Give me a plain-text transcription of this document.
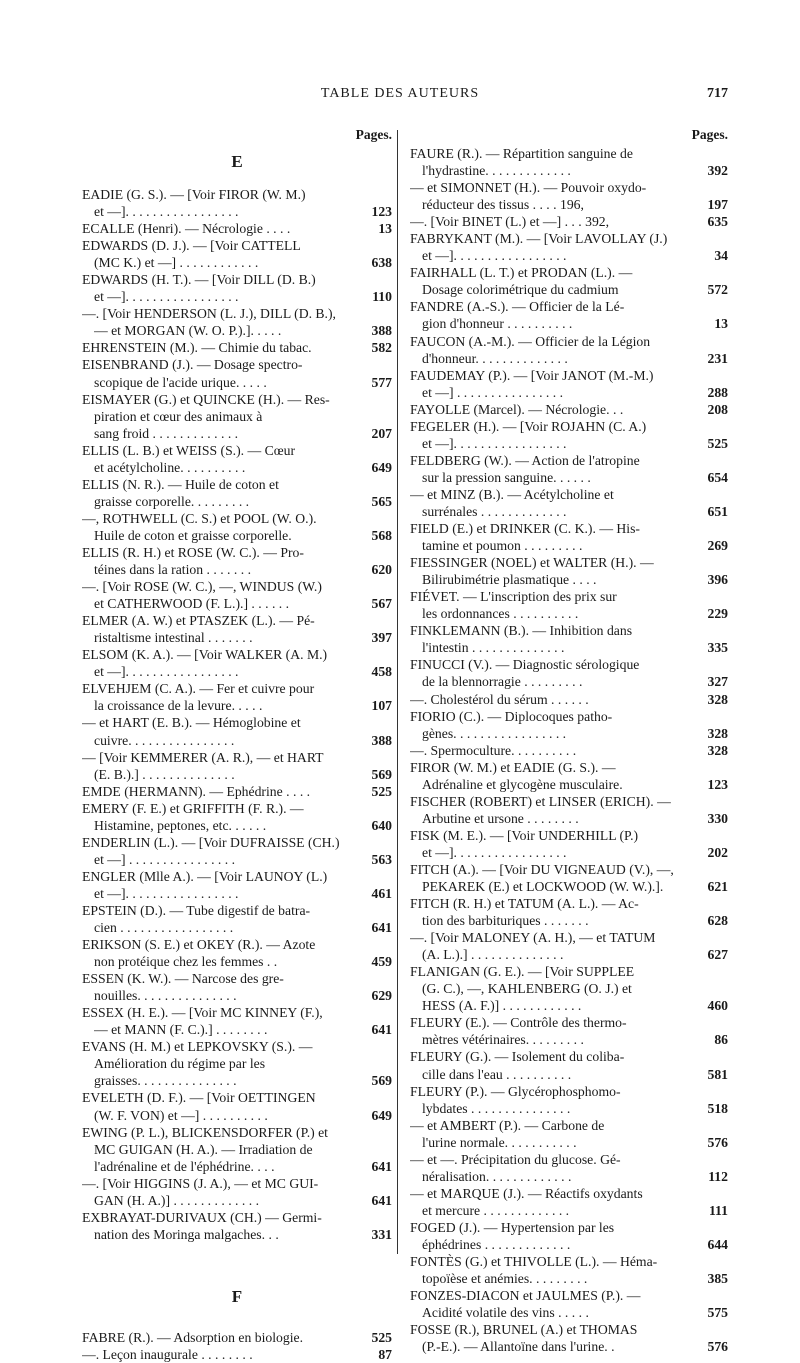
TABLE DES AUTEURS	717
Pages.
E
EADIE (G. S.). — [Voir FIROR (W. M.)
et —]. . . . . . . . . . . . . . . . .	123
ECALLE (Henri). — Nécrologie . . . .	13
EDWARDS (D. J.). — [Voir CATTELL
(MC K.) et —] . . . . . . . . . . . .	638
EDWARDS (H. T.). — [Voir DILL (D. B.)
et —]. . . . . . . . . . . . . . . . .	110
—. [Voir HENDERSON (L. J.), DILL (D. B.),
— et MORGAN (W. O. P.).]. . . . .	388
EHRENSTEIN (M.). — Chimie du tabac.	582
EISENBRAND (J.). — Dosage spectro-
scopique de l'acide urique. . . . .	577
EISMAYER (G.) et QUINCKE (H.). — Res-
piration et cœur des animaux à
sang froid . . . . . . . . . . . . .	207
ELLIS (L. B.) et WEISS (S.). — Cœur
et acétylcholine. . . . . . . . . .	649
ELLIS (N. R.). — Huile de coton et
graisse corporelle. . . . . . . . .	565
—, ROTHWELL (C. S.) et POOL (W. O.).
Huile de coton et graisse corporelle.	568
ELLIS (R. H.) et ROSE (W. C.). — Pro-
téines dans la ration . . . . . . .	620
—. [Voir ROSE (W. C.), —, WINDUS (W.)
et CATHERWOOD (F. L.).] . . . . . .	567
ELMER (A. W.) et PTASZEK (L.). — Pé-
ristaltisme intestinal . . . . . . .	397
ELSOM (K. A.). — [Voir WALKER (A. M.)
et —]. . . . . . . . . . . . . . . . .	458
ELVEHJEM (C. A.). — Fer et cuivre pour
la croissance de la levure. . . . .	107
— et HART (E. B.). — Hémoglobine et
cuivre. . . . . . . . . . . . . . . .	388
— [Voir KEMMERER (A. R.), — et HART
(E. B.).] . . . . . . . . . . . . . .	569
EMDE (HERMANN). — Ephédrine . . . .	525
EMERY (F. E.) et GRIFFITH (F. R.). —
Histamine, peptones, etc. . . . . .	640
ENDERLIN (L.). — [Voir DUFRAISSE (CH.)
et —] . . . . . . . . . . . . . . . .	563
ENGLER (Mlle A.). — [Voir LAUNOY (L.)
et —]. . . . . . . . . . . . . . . . .	461
EPSTEIN (D.). — Tube digestif de batra-
cien . . . . . . . . . . . . . . . . .	641
ERIKSON (S. E.) et OKEY (R.). — Azote
non protéique chez les femmes . .	459
ESSEN (K. W.). — Narcose des gre-
nouilles. . . . . . . . . . . . . . .	629
ESSEX (H. E.). — [Voir MC KINNEY (F.),
— et MANN (F. C.).] . . . . . . . .	641
EVANS (H. M.) et LEPKOVSKY (S.). —
Amélioration du régime par les
graisses. . . . . . . . . . . . . . .	569
EVELETH (D. F.). — [Voir OETTINGEN
(W. F. VON) et —] . . . . . . . . . .	649
EWING (P. L.), BLICKENSDORFER (P.) et
MC GUIGAN (H. A.). — Irradiation de
l'adrénaline et de l'éphédrine. . . .	641
—. [Voir HIGGINS (J. A.), — et MC GUI-
GAN (H. A.)] . . . . . . . . . . . . .	641
EXBRAYAT-DURIVAUX (CH.) — Germi-
nation des Moringa malgaches. . .	331
F
FABRE (R.). — Adsorption en biologie.	525
—. Leçon inaugurale . . . . . . . .	87
Pages.
FAURE (R.). — Répartition sanguine de
l'hydrastine. . . . . . . . . . . . .	392
— et SIMONNET (H.). — Pouvoir oxydo-
réducteur des tissus . . . . 196,	197
—. [Voir BINET (L.) et —] . . . 392,	635
FABRYKANT (M.). — [Voir LAVOLLAY (J.)
et —]. . . . . . . . . . . . . . . . .	34
FAIRHALL (L. T.) et PRODAN (L.). —
Dosage colorimétrique du cadmium	572
FANDRE (A.-S.). — Officier de la Lé-
gion d'honneur . . . . . . . . . .	13
FAUCON (A.-M.). — Officier de la Légion
d'honneur. . . . . . . . . . . . . .	231
FAUDEMAY (P.). — [Voir JANOT (M.-M.)
et —] . . . . . . . . . . . . . . . .	288
FAYOLLE (Marcel). — Nécrologie. . .	208
FEGELER (H.). — [Voir ROJAHN (C. A.)
et —]. . . . . . . . . . . . . . . . .	525
FELDBERG (W.). — Action de l'atropine
sur la pression sanguine. . . . . .	654
— et MINZ (B.). — Acétylcholine et
surrénales . . . . . . . . . . . . .	651
FIELD (E.) et DRINKER (C. K.). — His-
tamine et poumon . . . . . . . . .	269
FIESSINGER (NOEL) et WALTER (H.). —
Bilirubimétrie plasmatique . . . .	396
FIÉVET. — L'inscription des prix sur
les ordonnances . . . . . . . . . .	229
FINKLEMANN (B.). — Inhibition dans
l'intestin . . . . . . . . . . . . . .	335
FINUCCI (V.). — Diagnostic sérologique
de la blennorragie . . . . . . . . .	327
—. Cholestérol du sérum . . . . . .	328
FIORIO (C.). — Diplocoques patho-
gènes. . . . . . . . . . . . . . . . .	328
—. Spermoculture. . . . . . . . . .	328
FIROR (W. M.) et EADIE (G. S.). —
Adrénaline et glycogène musculaire.	123
FISCHER (ROBERT) et LINSER (ERICH). —
Arbutine et ursone . . . . . . . .	330
FISK (M. E.). — [Voir UNDERHILL (P.)
et —]. . . . . . . . . . . . . . . . .	202
FITCH (A.). — [Voir DU VIGNEAUD (V.), —,
PEKAREK (E.) et LOCKWOOD (W. W.).].	621
FITCH (R. H.) et TATUM (A. L.). — Ac-
tion des barbituriques . . . . . . .	628
—. [Voir MALONEY (A. H.), — et TATUM
(A. L.).] . . . . . . . . . . . . . .	627
FLANIGAN (G. E.). — [Voir SUPPLEE
(G. C.), —, KAHLENBERG (O. J.) et
HESS (A. F.)] . . . . . . . . . . . .	460
FLEURY (E.). — Contrôle des thermo-
mètres vétérinaires. . . . . . . . .	86
FLEURY (G.). — Isolement du coliba-
cille dans l'eau . . . . . . . . . .	581
FLEURY (P.). — Glycérophosphomo-
lybdates . . . . . . . . . . . . . . .	518
— et AMBERT (P.). — Carbone de
l'urine normale. . . . . . . . . . .	576
— et —. Précipitation du glucose. Gé-
néralisation. . . . . . . . . . . . .	112
— et MARQUE (J.). — Réactifs oxydants
et mercure . . . . . . . . . . . . .	111
FOGED (J.). — Hypertension par les
éphédrines . . . . . . . . . . . . .	644
FONTÈS (G.) et THIVOLLE (L.). — Héma-
topoïèse et anémies. . . . . . . . .	385
FONZES-DIACON et JAULMES (P.). —
Acidité volatile des vins . . . . .	575
FOSSE (R.), BRUNEL (A.) et THOMAS
(P.-E.). — Allantoïne dans l'urine. .	576
